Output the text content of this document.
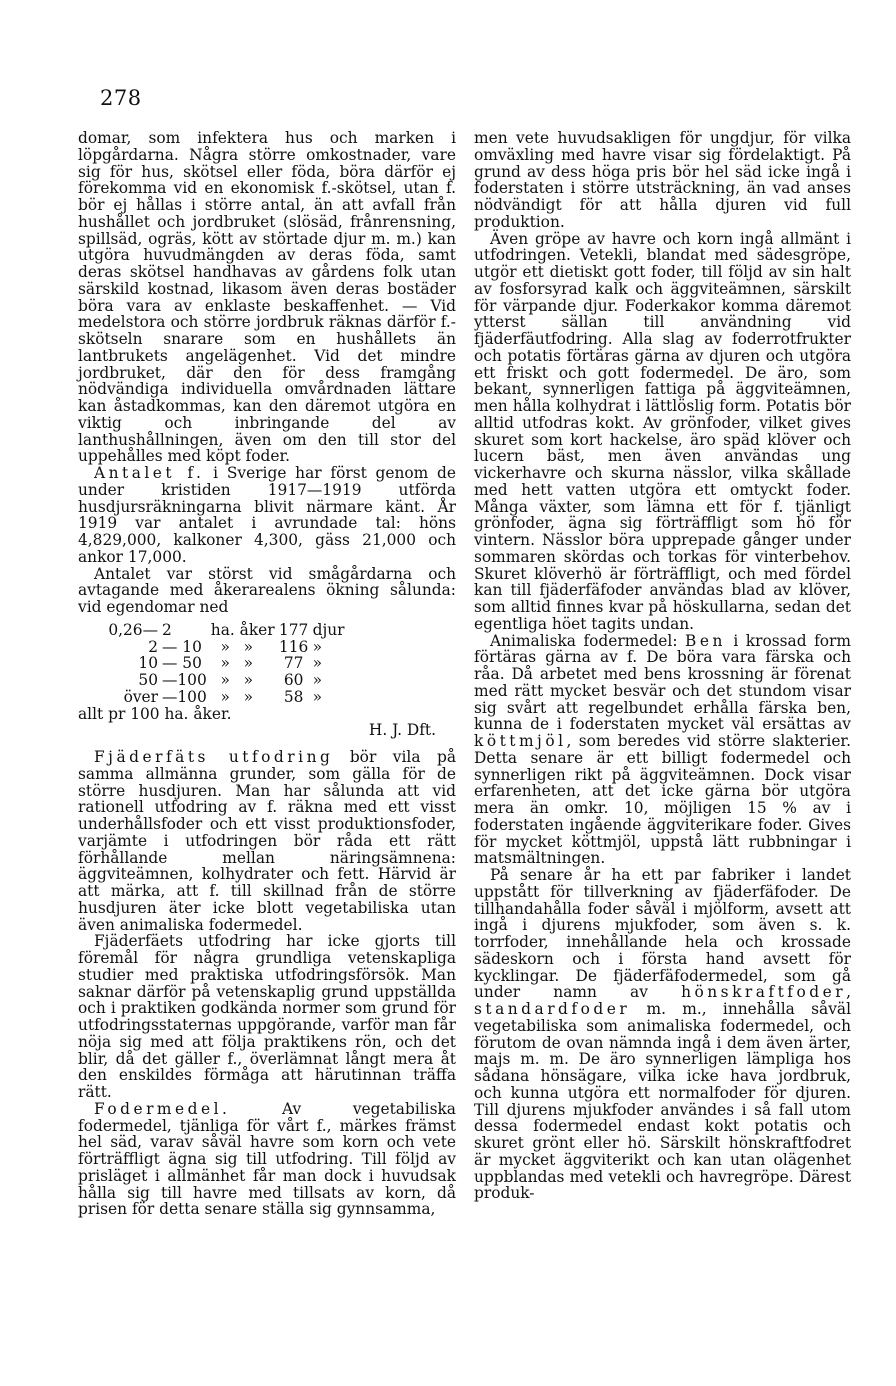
278

domar, som infektera hus och marken i löpgårdarna. Några större omkostnader, vare sig för hus, skötsel eller föda, böra därför ej förekomma vid en ekonomisk f.-skötsel, utan f. bör ej hållas i större antal, än att avfall från hushållet och jordbruket (slösäd, frånrensning, spillsäd, ogräs, kött av störtade djur m. m.) kan utgöra huvudmängden av deras föda, samt deras skötsel handhavas av gårdens folk utan särskild kostnad, likasom även deras bostäder böra vara av enklaste beskaffenhet. — Vid medelstora och större jordbruk räknas därför f.-skötseln snarare som en hushållets än lantbrukets angelägenhet. Vid det mindre jordbruket, där den för dess framgång nödvändiga individuella omvårdnaden lättare kan åstadkommas, kan den däremot utgöra en viktig och inbringande del av lanthushållningen, även om den till stor del uppehålles med köpt foder.

Antalet f. i Sverige har först genom de under kristiden 1917—1919 utförda husdjursräkningarna blivit närmare känt. År 1919 var antalet i avrundade tal: höns 4,829,000, kalkoner 4,300, gäss 21,000 och ankor 17,000.

Antalet var störst vid smågårdarna och avtagande med åkerarealens ökning sålunda: vid egendomar ned

0,26—	2	ha. åker		177	djur
2	— 10	»	»	116	»
10	— 50	»	»	77	»
50	—100	»	»	60	»
över	—100	»	»	58	»

allt pr 100 ha. åker.

H. J. Dft.

Fjäderfäts utfodring bör vila på samma allmänna grunder, som gälla för de större husdjuren. Man har sålunda att vid rationell utfodring av f. räkna med ett visst underhållsfoder och ett visst produktionsfoder, varjämte i utfodringen bör råda ett rätt förhållande mellan näringsämnena: äggviteämnen, kolhydrater och fett. Härvid är att märka, att f. till skillnad från de större husdjuren äter icke blott vegetabiliska utan även animaliska fodermedel.

Fjäderfäets utfodring har icke gjorts till föremål för några grundliga vetenskapliga studier med praktiska utfodringsförsök. Man saknar därför på vetenskaplig grund uppställda och i praktiken godkända normer som grund för utfodringsstaternas uppgörande, varför man får nöja sig med att följa praktikens rön, och det blir, då det gäller f., överlämnat långt mera åt den enskildes förmåga att härutinnan träffa rätt.

Fodermedel. Av vegetabiliska fodermedel, tjänliga för vårt f., märkes främst hel säd, varav såväl havre som korn och vete förträffligt ägna sig till utfodring. Till följd av prisläget i allmänhet får man dock i huvudsak hålla sig till havre med tillsats av korn, då prisen för detta senare ställa sig gynnsamma,

men vete huvudsakligen för ungdjur, för vilka omväxling med havre visar sig fördelaktigt. På grund av dess höga pris bör hel säd icke ingå i foderstaten i större utsträckning, än vad anses nödvändigt för att hålla djuren vid full produktion.

Även gröpe av havre och korn ingå allmänt i utfodringen. Vetekli, blandat med sädesgröpe, utgör ett dietiskt gott foder, till följd av sin halt av fosforsyrad kalk och äggviteämnen, särskilt för värpande djur. Foderkakor komma däremot ytterst sällan till användning vid fjäderfäutfodring. Alla slag av foderrotfrukter och potatis förtäras gärna av djuren och utgöra ett friskt och gott fodermedel. De äro, som bekant, synnerligen fattiga på äggviteämnen, men hålla kolhydrat i lättlöslig form. Potatis bör alltid utfodras kokt. Av grönfoder, vilket gives skuret som kort hackelse, äro späd klöver och lucern bäst, men även användas ung vickerhavre och skurna nässlor, vilka skållade med hett vatten utgöra ett omtyckt foder. Många växter, som lämna ett för f. tjänligt grönfoder, ägna sig förträffligt som hö för vintern. Nässlor böra upprepade gånger under sommaren skördas och torkas för vinterbehov. Skuret klöverhö är förträffligt, och med fördel kan till fjäderfäfoder användas blad av klöver, som alltid finnes kvar på höskullarna, sedan det egentliga höet tagits undan.

Animaliska fodermedel: Ben i krossad form förtäras gärna av f. De böra vara färska och råa. Då arbetet med bens krossning är förenat med rätt mycket besvär och det stundom visar sig svårt att regelbundet erhålla färska ben, kunna de i foderstaten mycket väl ersättas av köttmjöl, som beredes vid större slakterier. Detta senare är ett billigt fodermedel och synnerligen rikt på äggviteämnen. Dock visar erfarenheten, att det icke gärna bör utgöra mera än omkr. 10, möjligen 15 % av i foderstaten ingående äggviterikare foder. Gives för mycket köttmjöl, uppstå lätt rubbningar i matsmältningen.

På senare år ha ett par fabriker i landet uppstått för tillverkning av fjäderfäfoder. De tillhandahålla foder såväl i mjölform, avsett att ingå i djurens mjukfoder, som även s. k. torrfoder, innehållande hela och krossade sädeskorn och i första hand avsett för kycklingar. De fjäderfäfodermedel, som gå under namn av hönskraftfoder, standardfoder m. m., innehålla såväl vegetabiliska som animaliska fodermedel, och förutom de ovan nämnda ingå i dem även ärter, majs m. m. De äro synnerligen lämpliga hos sådana hönsägare, vilka icke hava jordbruk, och kunna utgöra ett normalfoder för djuren. Till djurens mjukfoder användes i så fall utom dessa fodermedel endast kokt potatis och skuret grönt eller hö. Särskilt hönskraftfodret är mycket äggviterikt och kan utan olägenhet uppblandas med vetekli och havregröpe. Därest produk-
